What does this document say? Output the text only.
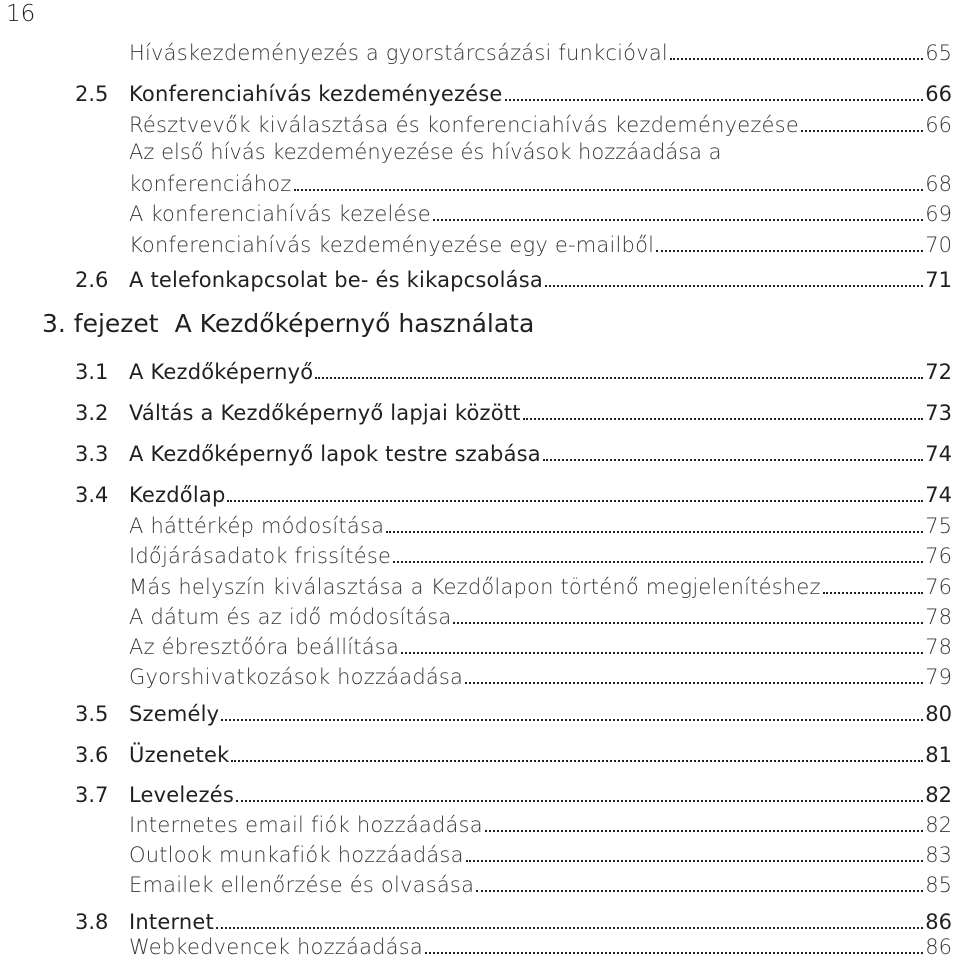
16
Híváskezdeményezés a gyorstárcsázási funkcióval	65
2.5 Konferenciahívás kezdeményezése	66
Résztvevők kiválasztása és konferenciahívás kezdeményezése	66
Az első hívás kezdeményezése és hívások hozzáadása a
konferenciához	68
A konferenciahívás kezelése	69
Konferenciahívás kezdeményezése egy e-mailből	70
2.6 A telefonkapcsolat be- és kikapcsolása	71
3. fejezet A Kezdőképernyő használata
3.1 A Kezdőképernyő	72
3.2 Váltás a Kezdőképernyő lapjai között	73
3.3 A Kezdőképernyő lapok testre szabása	74
3.4 Kezdőlap	74
A háttérkép módosítása	75
Időjárásadatok frissítése	76
Más helyszín kiválasztása a Kezdőlapon történő megjelenítéshez	76
A dátum és az idő módosítása	78
Az ébresztőóra beállítása	78
Gyorshivatkozások hozzáadása	79
3.5 Személy	80
3.6 Üzenetek	81
3.7 Levelezés	82
Internetes email fiók hozzáadása	82
Outlook munkafiók hozzáadása	83
Emailek ellenőrzése és olvasása	85
3.8 Internet	86
Webkedvencek hozzáadása	86
